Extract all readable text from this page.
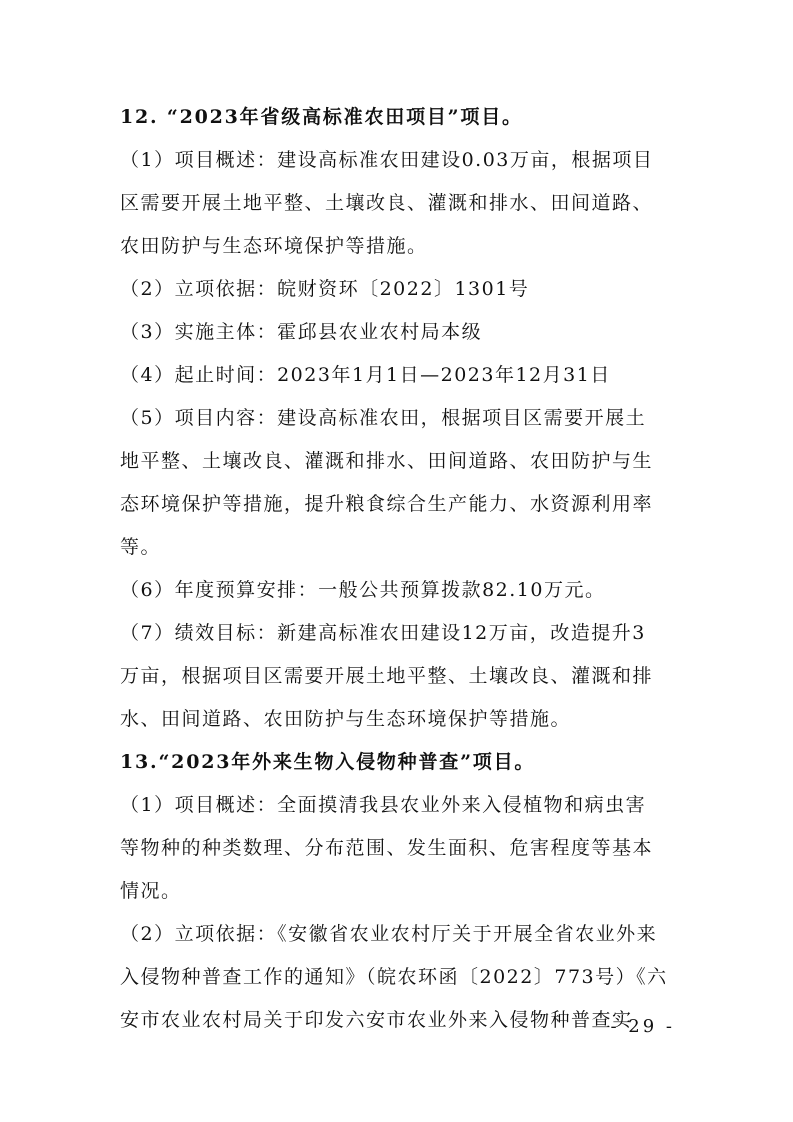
12. “2023年省级高标准农田项目”项目。
（1）项目概述：建设高标准农田建设0.03万亩，根据项目
区需要开展土地平整、土壤改良、灌溉和排水、田间道路、
农田防护与生态环境保护等措施。
（2）立项依据：皖财资环〔2022〕1301号
（3）实施主体：霍邱县农业农村局本级
（4）起止时间：2023年1月1日—2023年12月31日
（5）项目内容：建设高标准农田，根据项目区需要开展土
地平整、土壤改良、灌溉和排水、田间道路、农田防护与生
态环境保护等措施，提升粮食综合生产能力、水资源利用率
等。
（6）年度预算安排：一般公共预算拨款82.10万元。
（7）绩效目标：新建高标准农田建设12万亩，改造提升3
万亩，根据项目区需要开展土地平整、土壤改良、灌溉和排
水、田间道路、农田防护与生态环境保护等措施。
13.“2023年外来生物入侵物种普查”项目。
（1）项目概述：全面摸清我县农业外来入侵植物和病虫害
等物种的种类数理、分布范围、发生面积、危害程度等基本
情况。
（2）立项依据：《安徽省农业农村厅关于开展全省农业外来
入侵物种普查工作的通知》（皖农环函〔2022〕773号）《六
安市农业农村局关于印发六安市农业外来入侵物种普查实
- 29 -
